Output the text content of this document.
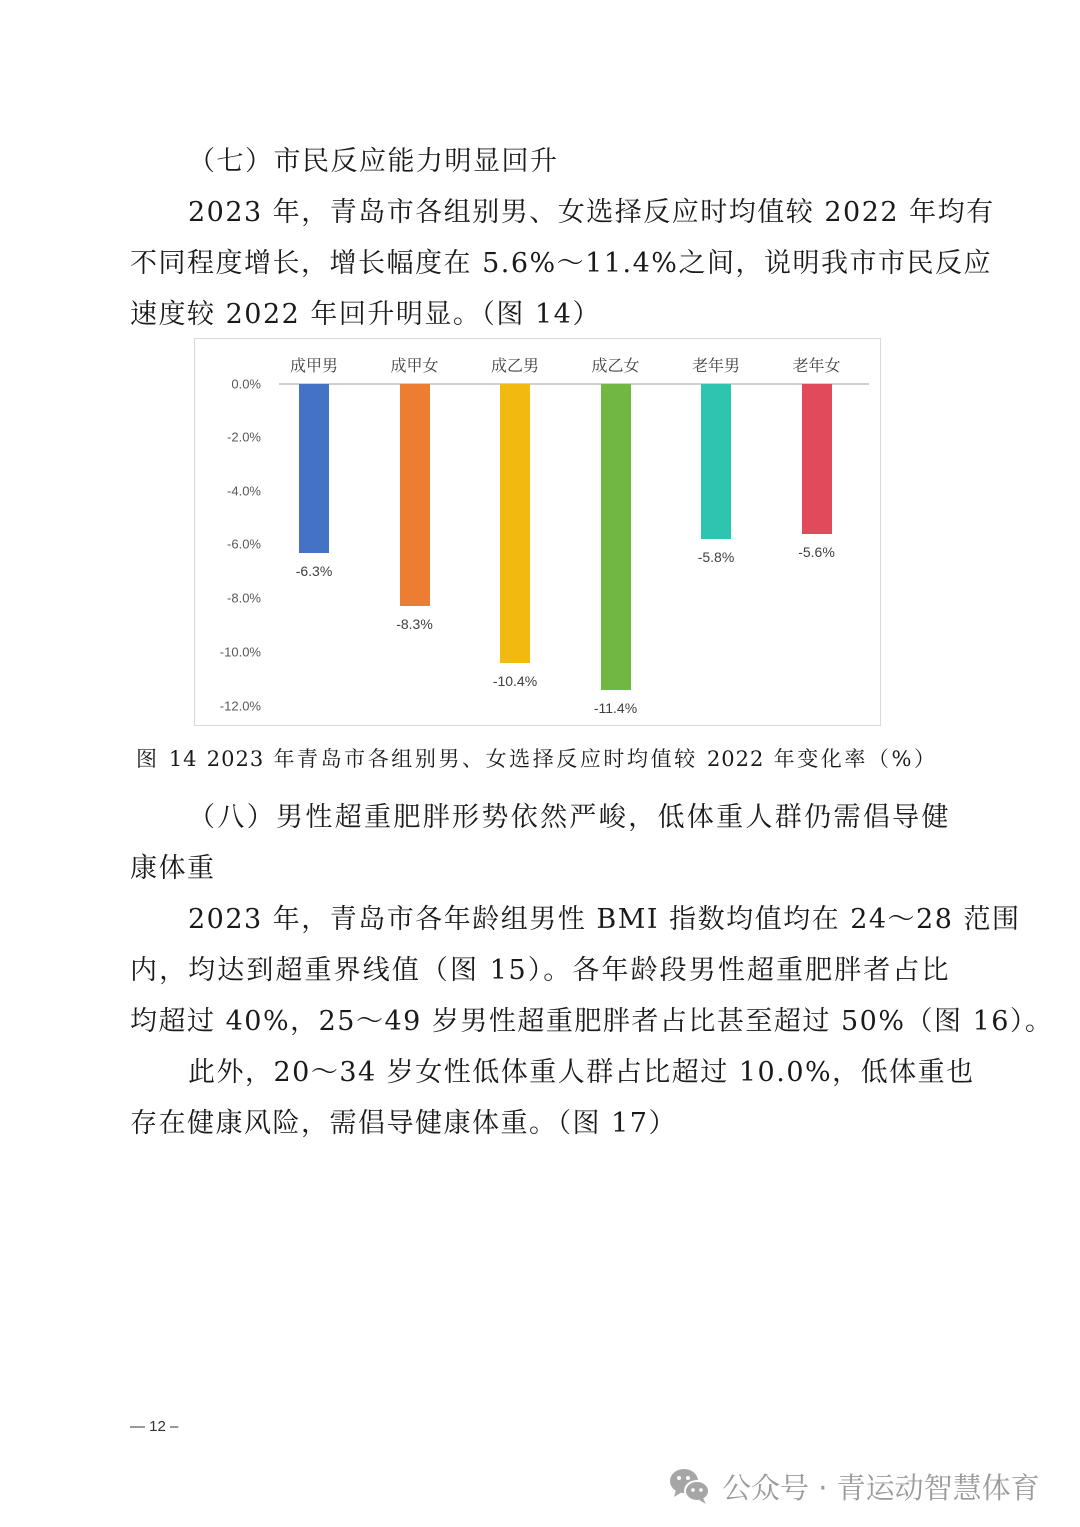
（七）市民反应能力明显回升
2023 年，青岛市各组别男、女选择反应时均值较 2022 年均有
不同程度增长，增长幅度在 5.6%～11.4%之间，说明我市市民反应
速度较 2022 年回升明显。（图 14）
0.0%
-2.0%
-4.0%
-6.0%
-8.0%
-10.0%
-12.0%
成甲男
-6.3%
成甲女
-8.3%
成乙男
-10.4%
成乙女
-11.4%
老年男
-5.8%
老年女
-5.6%
图 14 2023 年青岛市各组别男、女选择反应时均值较 2022 年变化率（%）
（八）男性超重肥胖形势依然严峻，低体重人群仍需倡导健
康体重
2023 年，青岛市各年龄组男性 BMI 指数均值均在 24～28 范围
内，均达到超重界线值（图 15）。各年龄段男性超重肥胖者占比
均超过 40%，25～49 岁男性超重肥胖者占比甚至超过 50%（图 16）。
此外，20～34 岁女性低体重人群占比超过 10.0%，低体重也
存在健康风险，需倡导健康体重。（图 17）
— 12 –
公众号 · 青运动智慧体育
